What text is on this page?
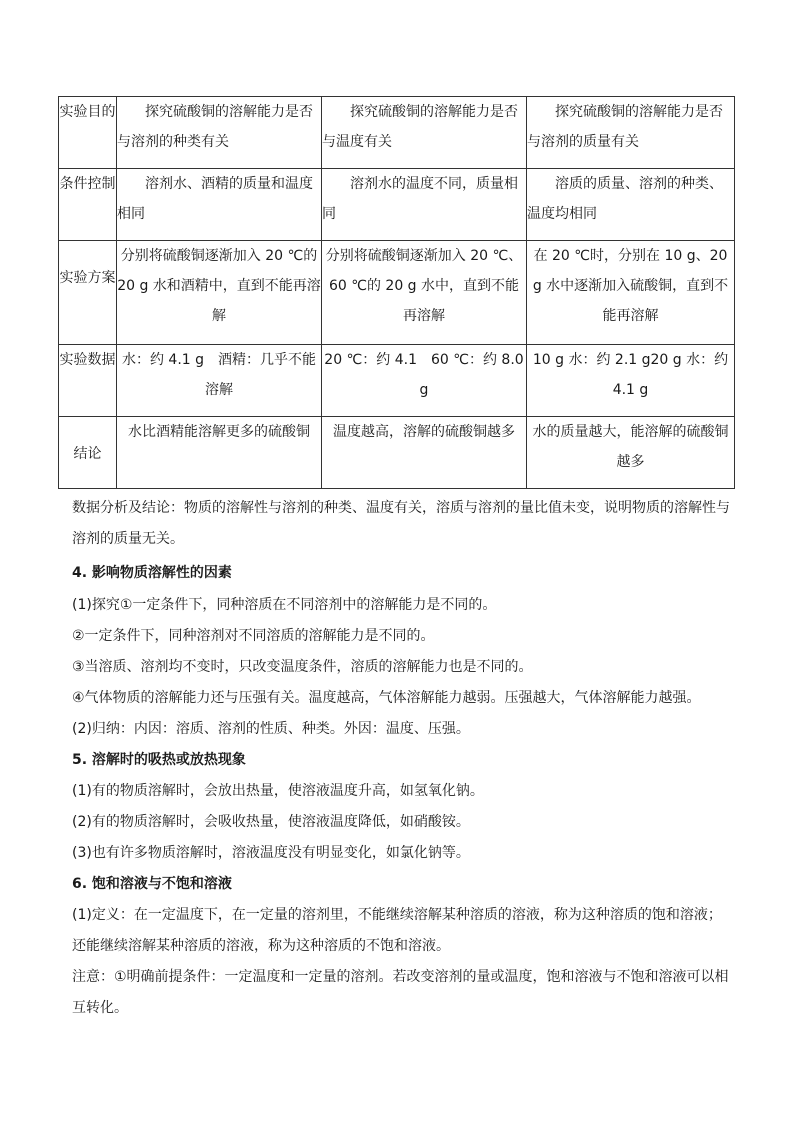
实验目的	探究硫酸铜的溶解能力是否与溶剂的种类有关	探究硫酸铜的溶解能力是否与温度有关	探究硫酸铜的溶解能力是否与溶剂的质量有关

条件控制	溶剂水、酒精的质量和温度相同	溶剂水的温度不同，质量相同	溶质的质量、溶剂的种类、温度均相同

实验方案	分别将硫酸铜逐渐加入 20 ℃的 20 g 水和酒精中，直到不能再溶解	分别将硫酸铜逐渐加入 20 ℃、60 ℃的 20 g 水中，直到不能再溶解	在 20 ℃时，分别在 10 g、20 g 水中逐渐加入硫酸铜，直到不能再溶解

实验数据	水：约 4.1 g　酒精：几乎不能溶解	20 ℃：约 4.1　60 ℃：约 8.0 g	10 g 水：约 2.1 g20 g 水：约 4.1 g

结论	水比酒精能溶解更多的硫酸铜	温度越高，溶解的硫酸铜越多	水的质量越大，能溶解的硫酸铜越多

数据分析及结论：物质的溶解性与溶剂的种类、温度有关，溶质与溶剂的量比值未变，说明物质的溶解性与溶剂的质量无关。

4. 影响物质溶解性的因素

(1)探究①一定条件下，同种溶质在不同溶剂中的溶解能力是不同的。

②一定条件下，同种溶剂对不同溶质的溶解能力是不同的。

③当溶质、溶剂均不变时，只改变温度条件，溶质的溶解能力也是不同的。

④气体物质的溶解能力还与压强有关。温度越高，气体溶解能力越弱。压强越大，气体溶解能力越强。

(2)归纳：内因：溶质、溶剂的性质、种类。外因：温度、压强。

5. 溶解时的吸热或放热现象

(1)有的物质溶解时，会放出热量，使溶液温度升高，如氢氧化钠。

(2)有的物质溶解时，会吸收热量，使溶液温度降低，如硝酸铵。

(3)也有许多物质溶解时，溶液温度没有明显变化，如氯化钠等。

6. 饱和溶液与不饱和溶液

(1)定义：在一定温度下，在一定量的溶剂里，不能继续溶解某种溶质的溶液，称为这种溶质的饱和溶液；还能继续溶解某种溶质的溶液，称为这种溶质的不饱和溶液。

注意：①明确前提条件：一定温度和一定量的溶剂。若改变溶剂的量或温度，饱和溶液与不饱和溶液可以相互转化。
